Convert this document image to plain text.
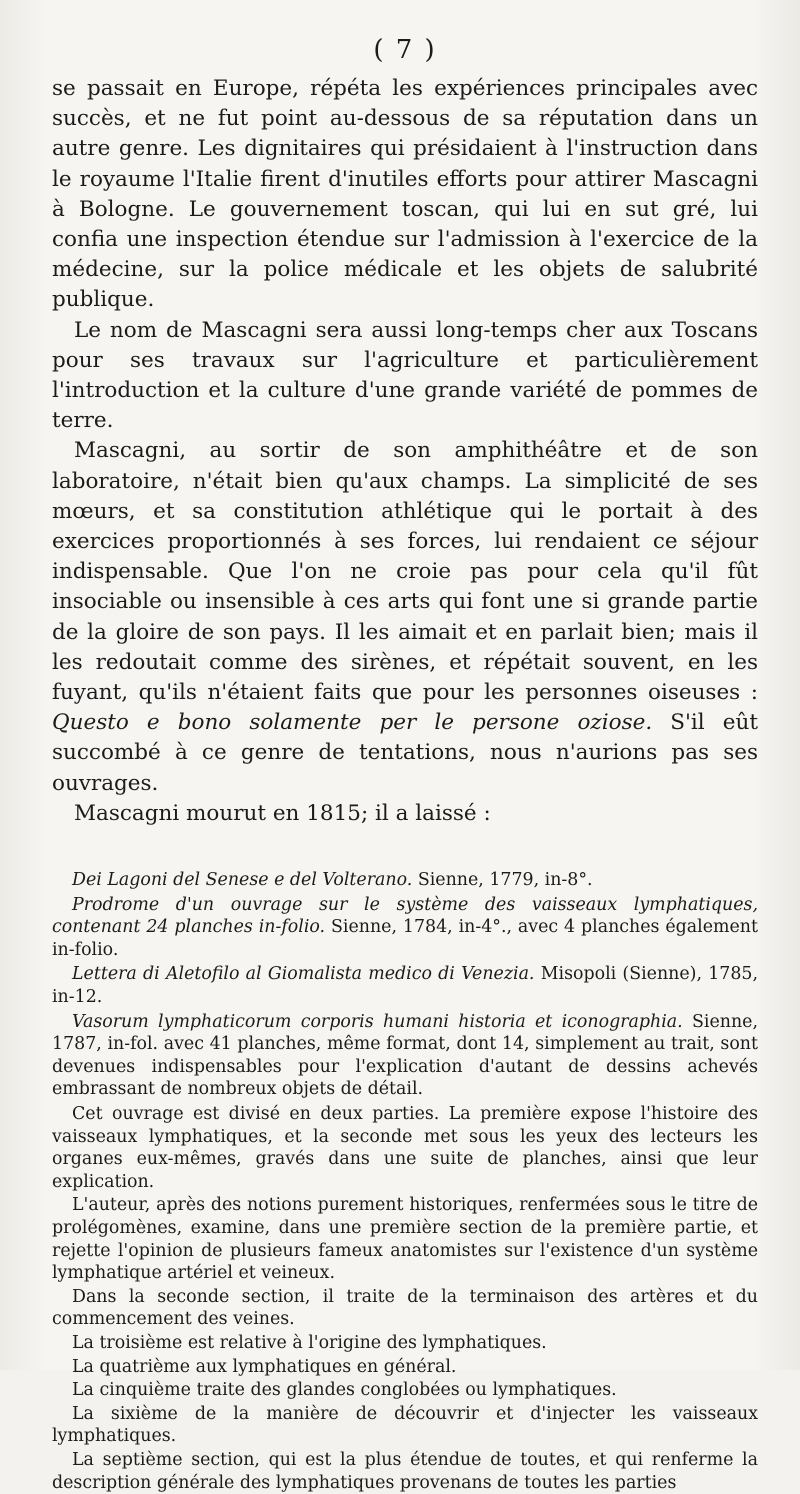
( 7 )

se passait en Europe, répéta les expériences principales avec succès, et ne fut point au-dessous de sa réputation dans un autre genre. Les dignitaires qui présidaient à l'instruction dans le royaume l'Italie firent d'inutiles efforts pour attirer Mascagni à Bologne. Le gouvernement toscan, qui lui en sut gré, lui confia une inspection étendue sur l'admission à l'exercice de la médecine, sur la police médicale et les objets de salubrité publique.

Le nom de Mascagni sera aussi long-temps cher aux Toscans pour ses travaux sur l'agriculture et particulièrement l'introduction et la culture d'une grande variété de pommes de terre.

Mascagni, au sortir de son amphithéâtre et de son laboratoire, n'était bien qu'aux champs. La simplicité de ses mœurs, et sa constitution athlétique qui le portait à des exercices proportionnés à ses forces, lui rendaient ce séjour indispensable. Que l'on ne croie pas pour cela qu'il fût insociable ou insensible à ces arts qui font une si grande partie de la gloire de son pays. Il les aimait et en parlait bien; mais il les redoutait comme des sirènes, et répétait souvent, en les fuyant, qu'ils n'étaient faits que pour les personnes oiseuses : Questo e bono solamente per le persone oziose. S'il eût succombé à ce genre de tentations, nous n'aurions pas ses ouvrages.

Mascagni mourut en 1815; il a laissé :

Dei Lagoni del Senese e del Volterano. Sienne, 1779, in-8°.

Prodrome d'un ouvrage sur le système des vaisseaux lymphatiques, contenant 24 planches in-folio. Sienne, 1784, in-4°., avec 4 planches également in-folio.

Lettera di Aletofilo al Giomalista medico di Venezia. Misopoli (Sienne), 1785, in-12.

Vasorum lymphaticorum corporis humani historia et iconographia. Sienne, 1787, in-fol. avec 41 planches, même format, dont 14, simplement au trait, sont devenues indispensables pour l'explication d'autant de dessins achevés embrassant de nombreux objets de détail.

Cet ouvrage est divisé en deux parties. La première expose l'histoire des vaisseaux lymphatiques, et la seconde met sous les yeux des lecteurs les organes eux-mêmes, gravés dans une suite de planches, ainsi que leur explication.

L'auteur, après des notions purement historiques, renfermées sous le titre de prolégomènes, examine, dans une première section de la première partie, et rejette l'opinion de plusieurs fameux anatomistes sur l'existence d'un système lymphatique artériel et veineux.

Dans la seconde section, il traite de la terminaison des artères et du commencement des veines.

La troisième est relative à l'origine des lymphatiques.

La quatrième aux lymphatiques en général.

La cinquième traite des glandes conglobées ou lymphatiques.

La sixième de la manière de découvrir et d'injecter les vaisseaux lymphatiques.

La septième section, qui est la plus étendue de toutes, et qui renferme la description générale des lymphatiques provenans de toutes les parties
